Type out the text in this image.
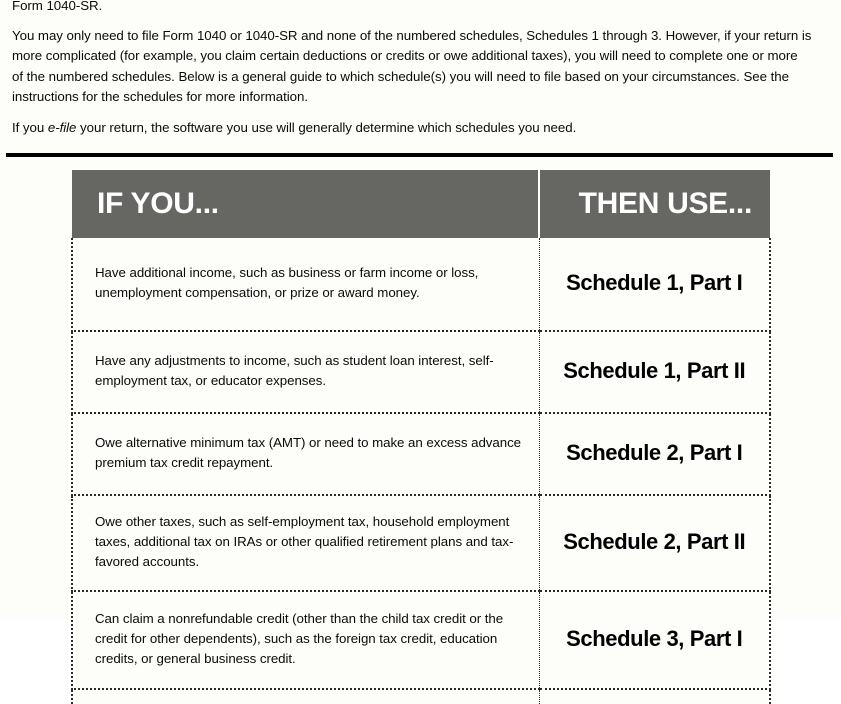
Form 1040-SR.

You may only need to file Form 1040 or 1040-SR and none of the numbered schedules, Schedules 1 through 3. However, if your return is more complicated (for example, you claim certain deductions or credits or owe additional taxes), you will need to complete one or more of the numbered schedules. Below is a general guide to which schedule(s) you will need to file based on your circumstances. See the instructions for the schedules for more information.

If you e-file your return, the software you use will generally determine which schedules you need.

IF YOU...	THEN USE...
Have additional income, such as business or farm income or loss, unemployment compensation, or prize or award money.	Schedule 1, Part I
Have any adjustments to income, such as student loan interest, self-employment tax, or educator expenses.	Schedule 1, Part II
Owe alternative minimum tax (AMT) or need to make an excess advance premium tax credit repayment.	Schedule 2, Part I
Owe other taxes, such as self-employment tax, household employment taxes, additional tax on IRAs or other qualified retirement plans and tax-favored accounts.	Schedule 2, Part II
Can claim a nonrefundable credit (other than the child tax credit or the credit for other dependents), such as the foreign tax credit, education credits, or general business credit.	Schedule 3, Part I
